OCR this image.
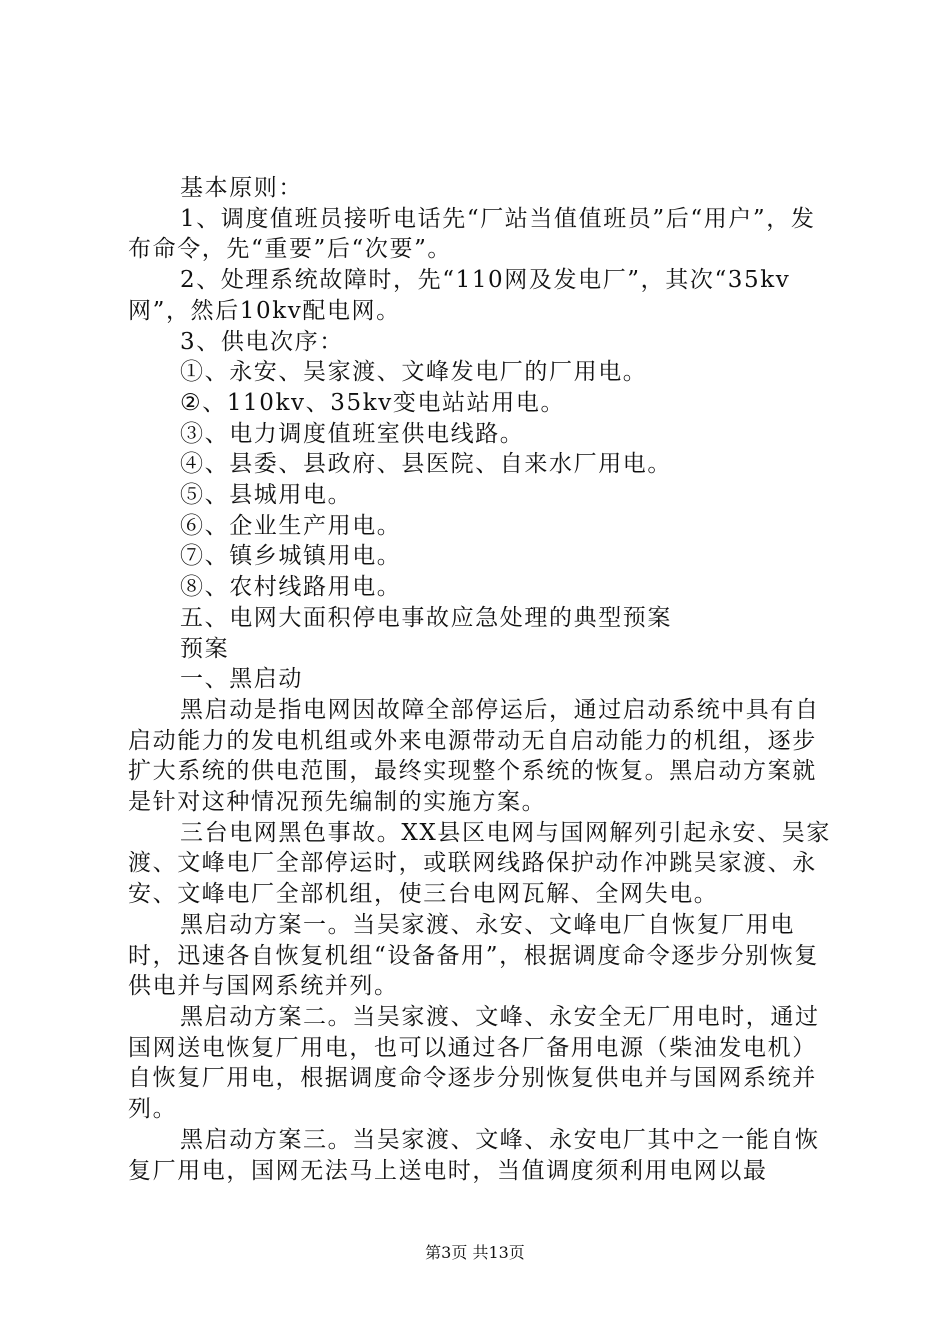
基本原则：

1、调度值班员接听电话先“厂站当值值班员”后“用户”，发布命令，先“重要”后“次要”。

2、处理系统故障时，先“110网及发电厂”，其次“35kv网”，然后10kv配电网。

3、供电次序：

①、永安、吴家渡、文峰发电厂的厂用电。

②、110kv、35kv变电站站用电。

③、电力调度值班室供电线路。

④、县委、县政府、县医院、自来水厂用电。

⑤、县城用电。

⑥、企业生产用电。

⑦、镇乡城镇用电。

⑧、农村线路用电。

五、电网大面积停电事故应急处理的典型预案

预案

一、黑启动

黑启动是指电网因故障全部停运后，通过启动系统中具有自启动能力的发电机组或外来电源带动无自启动能力的机组，逐步扩大系统的供电范围，最终实现整个系统的恢复。黑启动方案就是针对这种情况预先编制的实施方案。

三台电网黑色事故。XX县区电网与国网解列引起永安、吴家渡、文峰电厂全部停运时，或联网线路保护动作冲跳吴家渡、永安、文峰电厂全部机组，使三台电网瓦解、全网失电。

黑启动方案一。当吴家渡、永安、文峰电厂自恢复厂用电时，迅速各自恢复机组“设备备用”，根据调度命令逐步分别恢复供电并与国网系统并列。

黑启动方案二。当吴家渡、文峰、永安全无厂用电时，通过国网送电恢复厂用电，也可以通过各厂备用电源（柴油发电机）自恢复厂用电，根据调度命令逐步分别恢复供电并与国网系统并列。

黑启动方案三。当吴家渡、文峰、永安电厂其中之一能自恢复厂用电，国网无法马上送电时，当值调度须利用电网以最

第3页 共13页
